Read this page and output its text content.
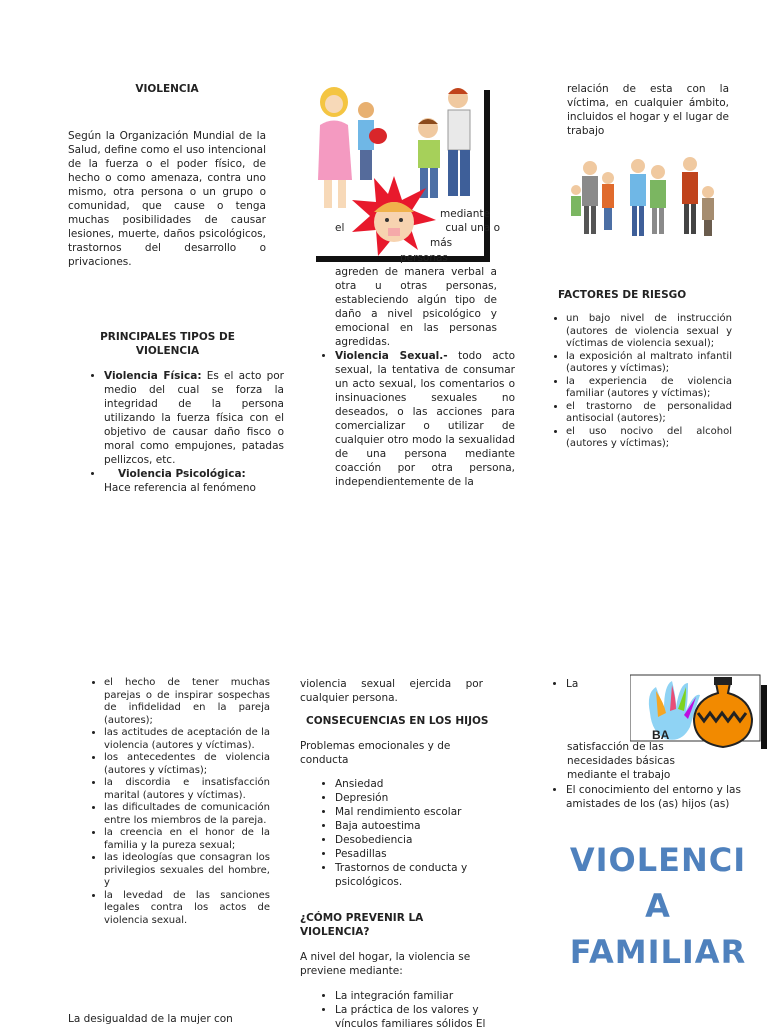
VIOLENCIA
Según la Organización Mundial de la Salud, define como el uso intencional de la fuerza o el poder físico, de hecho o como amenaza, contra uno mismo, otra persona o un grupo o comunidad, que cause o tenga muchas posibilidades de causar lesiones, muerte, daños psicológicos, trastornos del desarrollo o privaciones.
PRINCIPALES TIPOS DE VIOLENCIA
• Violencia Física: Es el acto por medio del cual se forza la integridad de la persona utilizando la fuerza física con el objetivo de causar daño fisco o moral como empujones, patadas pellizcos, etc.
• Violencia Psicológica:
Hace referencia al fenómeno
mediante
el	cual una o
más
personas
agreden de manera verbal a otra u otras personas, estableciendo algún tipo de daño a nivel psicológico y emocional en las personas agredidas.
• Violencia Sexual.- todo acto sexual, la tentativa de consumar un acto sexual, los comentarios o insinuaciones sexuales no deseados, o las acciones para comercializar o utilizar de cualquier otro modo la sexualidad de una persona mediante coacción por otra persona, independientemente de la
relación de esta con la víctima, en cualquier ámbito, incluidos el hogar y el lugar de trabajo
FACTORES DE RIESGO
• un bajo nivel de instrucción (autores de violencia sexual y víctimas de violencia sexual);
• la exposición al maltrato infantil (autores y víctimas);
• la experiencia de violencia familiar (autores y víctimas);
• el trastorno de personalidad antisocial (autores);
• el uso nocivo del alcohol (autores y víctimas);
• el hecho de tener muchas parejas o de inspirar sospechas de infidelidad en la pareja (autores);
• las actitudes de aceptación de la violencia (autores y víctimas).
• los antecedentes de violencia (autores y víctimas);
• la discordia e insatisfacción marital (autores y víctimas).
• las dificultades de comunicación entre los miembros de la pareja.
• la creencia en el honor de la familia y la pureza sexual;
• las ideologías que consagran los privilegios sexuales del hombre, y
• la levedad de las sanciones legales contra los actos de violencia sexual.
La desigualdad de la mujer con
violencia sexual ejercida por cualquier persona.
CONSECUENCIAS EN LOS HIJOS
Problemas emocionales y de conducta
• Ansiedad
• Depresión
• Mal rendimiento escolar
• Baja autoestima
• Desobediencia
• Pesadillas
• Trastornos de conducta y psicológicos.
¿CÓMO PREVENIR LA VIOLENCIA?
A nivel del hogar, la violencia se previene mediante:
• La integración familiar
• La práctica de los valores y vínculos familiares sólidos El
• La
BA
satisfacción de las necesidades básicas mediante el trabajo
• El conocimiento del entorno y las amistades de los (as) hijos (as)
VIOLENCI
A
FAMILIAR
